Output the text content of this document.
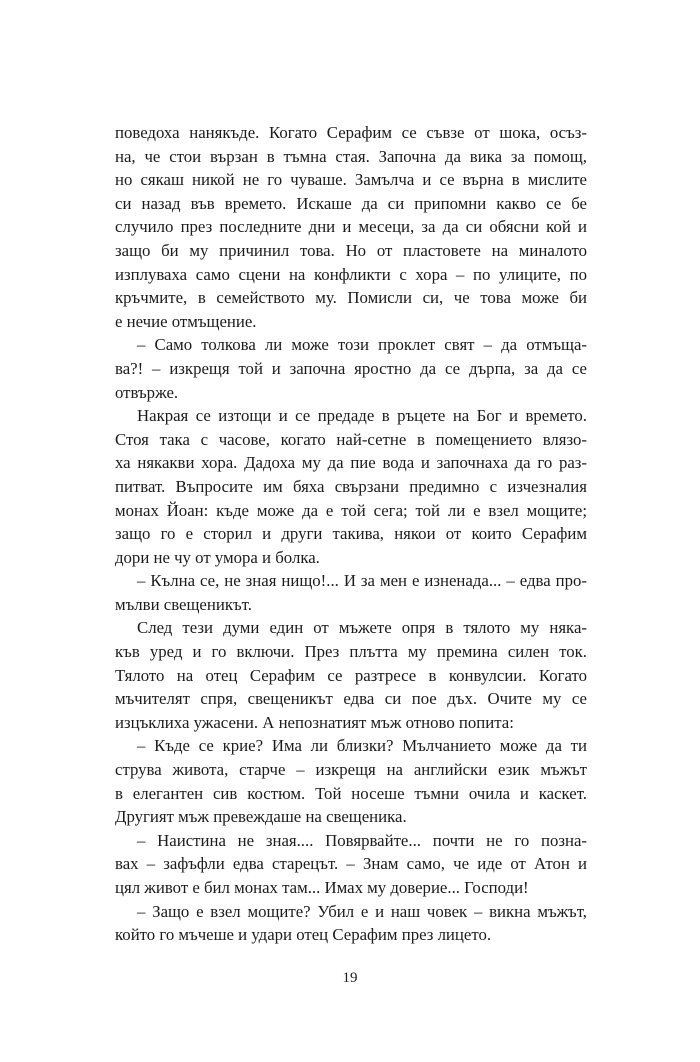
поведоха нанякъде. Когато Серафим се съвзе от шока, осъз-
на, че стои вързан в тъмна стая. Започна да вика за помощ,
но сякаш никой не го чуваше. Замълча и се върна в мислите
си назад във времето. Искаше да си припомни какво се бе
случило през последните дни и месеци, за да си обясни кой и
защо би му причинил това. Но от пластовете на миналото
изплуваха само сцени на конфликти с хора – по улиците, по
кръчмите, в семейството му. Помисли си, че това може би
е нечие отмъщение.
– Само толкова ли може този проклет свят – да отмъща-
ва?! – изкрещя той и започна яростно да се дърпа, за да се
отвърже.
Накрая се изтощи и се предаде в ръцете на Бог и времето.
Стоя така с часове, когато най-сетне в помещението влязо-
ха някакви хора. Дадоха му да пие вода и започнаха да го раз-
питват. Въпросите им бяха свързани предимно с изчезналия
монах Йоан: къде може да е той сега; той ли е взел мощите;
защо го е сторил и други такива, някои от които Серафим
дори не чу от умора и болка.
– Кълна се, не зная нищо!... И за мен е изненада... – едва про-
мълви свещеникът.
След тези думи един от мъжете опря в тялото му няка-
къв уред и го включи. През плътта му премина силен ток.
Тялото на отец Серафим се разтресе в конвулсии. Когато
мъчителят спря, свещеникът едва си пое дъх. Очите му се
изцъклиха ужасени. А непознатият мъж отново попита:
– Къде се крие? Има ли близки? Мълчанието може да ти
струва живота, старче – изкрещя на английски език мъжът
в елегантен сив костюм. Той носеше тъмни очила и каскет.
Другият мъж превеждаше на свещеника.
– Наистина не зная.... Повярвайте... почти не го позна-
вах – зафъфли едва старецът. – Знам само, че иде от Атон и
цял живот е бил монах там... Имах му доверие... Господи!
– Защо е взел мощите? Убил е и наш човек – викна мъжът,
който го мъчеше и удари отец Серафим през лицето.
19
